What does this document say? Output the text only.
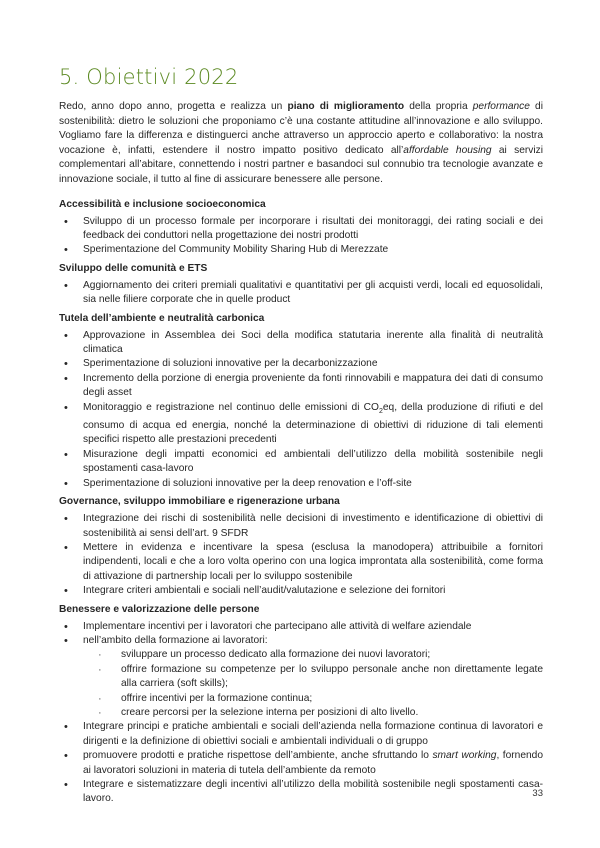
5. Obiettivi 2022

Redo, anno dopo anno, progetta e realizza un piano di miglioramento della propria performance di sostenibilità: dietro le soluzioni che proponiamo c’è una costante attitudine all’innovazione e allo sviluppo. Vogliamo fare la differenza e distinguerci anche attraverso un approccio aperto e collaborativo: la nostra vocazione è, infatti, estendere il nostro impatto positivo dedicato all’affordable housing ai servizi complementari all’abitare, connettendo i nostri partner e basandoci sul connubio tra tecnologie avanzate e innovazione sociale, il tutto al fine di assicurare benessere alle persone.

Accessibilità e inclusione socioeconomica
• Sviluppo di un processo formale per incorporare i risultati dei monitoraggi, dei rating sociali e dei feedback dei conduttori nella progettazione dei nostri prodotti
• Sperimentazione del Community Mobility Sharing Hub di Merezzate
Sviluppo delle comunità e ETS
• Aggiornamento dei criteri premiali qualitativi e quantitativi per gli acquisti verdi, locali ed equosolidali, sia nelle filiere corporate che in quelle product
Tutela dell’ambiente e neutralità carbonica
• Approvazione in Assemblea dei Soci della modifica statutaria inerente alla finalità di neutralità climatica
• Sperimentazione di soluzioni innovative per la decarbonizzazione
• Incremento della porzione di energia proveniente da fonti rinnovabili e mappatura dei dati di consumo degli asset
• Monitoraggio e registrazione nel continuo delle emissioni di $CO_2eq$, della produzione di rifiuti e del consumo di acqua ed energia, nonché la determinazione di obiettivi di riduzione di tali elementi specifici rispetto alle prestazioni precedenti
• Misurazione degli impatti economici ed ambientali dell’utilizzo della mobilità sostenibile negli spostamenti casa-lavoro
• Sperimentazione di soluzioni innovative per la deep renovation e l’off-site
Governance, sviluppo immobiliare e rigenerazione urbana
• Integrazione dei rischi di sostenibilità nelle decisioni di investimento e identificazione di obiettivi di sostenibilità ai sensi dell’art. 9 SFDR
• Mettere in evidenza e incentivare la spesa (esclusa la manodopera) attribuibile a fornitori indipendenti, locali e che a loro volta operino con una logica improntata alla sostenibilità, come forma di attivazione di partnership locali per lo sviluppo sostenibile
• Integrare criteri ambientali e sociali nell’audit/valutazione e selezione dei fornitori
Benessere e valorizzazione delle persone
• Implementare incentivi per i lavoratori che partecipano alle attività di welfare aziendale
• nell’ambito della formazione ai lavoratori:
· sviluppare un processo dedicato alla formazione dei nuovi lavoratori;
· offrire formazione su competenze per lo sviluppo personale anche non direttamente legate alla carriera (soft skills);
· offrire incentivi per la formazione continua;
· creare percorsi per la selezione interna per posizioni di alto livello.
• Integrare principi e pratiche ambientali e sociali dell’azienda nella formazione continua di lavoratori e dirigenti e la definizione di obiettivi sociali e ambientali individuali o di gruppo
• promuovere prodotti e pratiche rispettose dell’ambiente, anche sfruttando lo smart working, fornendo ai lavoratori soluzioni in materia di tutela dell’ambiente da remoto
• Integrare e sistematizzare degli incentivi all’utilizzo della mobilità sostenibile negli spostamenti casa-lavoro.	33
